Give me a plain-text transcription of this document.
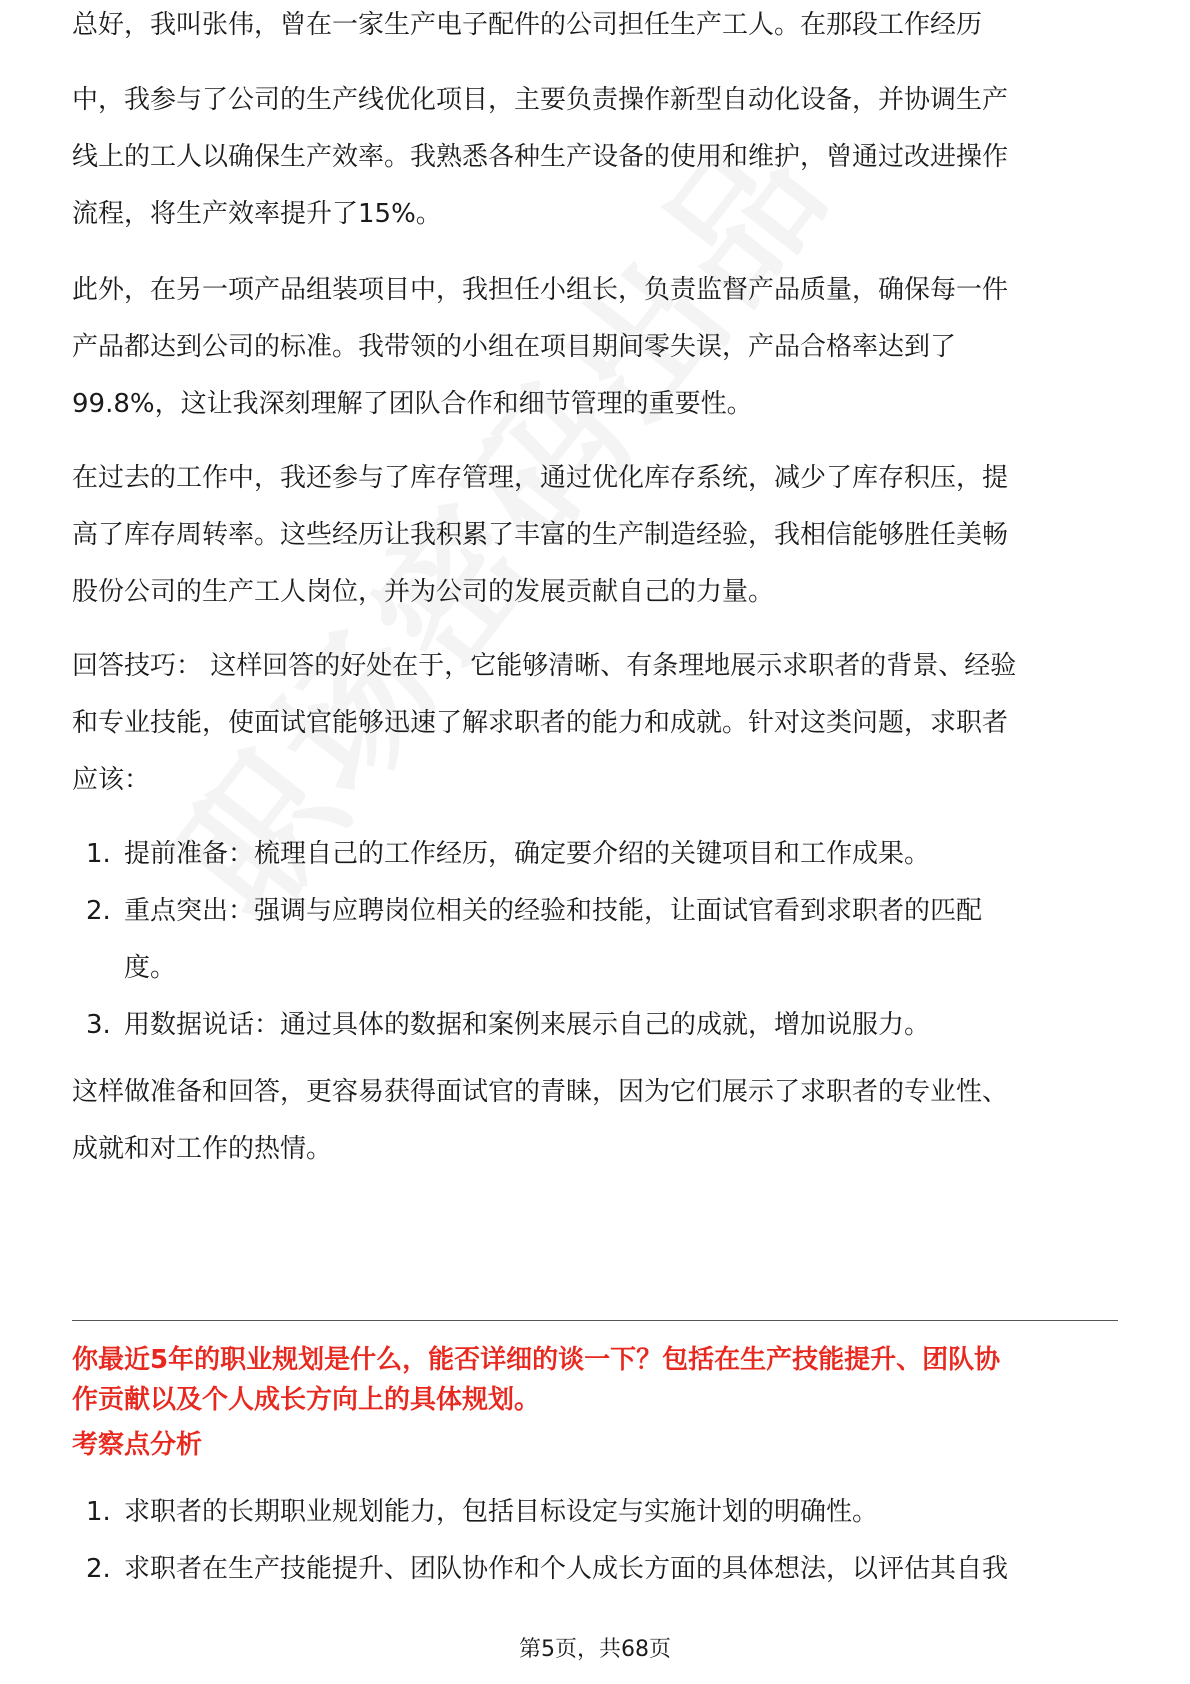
总好，我叫张伟，曾在一家生产电子配件的公司担任生产工人。在那段工作经历

中，我参与了公司的生产线优化项目，主要负责操作新型自动化设备，并协调生产

线上的工人以确保生产效率。我熟悉各种生产设备的使用和维护，曾通过改进操作

流程，将生产效率提升了15%。

此外，在另一项产品组装项目中，我担任小组长，负责监督产品质量，确保每一件

产品都达到公司的标准。我带领的小组在项目期间零失误，产品合格率达到了

99.8%，这让我深刻理解了团队合作和细节管理的重要性。

在过去的工作中，我还参与了库存管理，通过优化库存系统，减少了库存积压，提

高了库存周转率。这些经历让我积累了丰富的生产制造经验，我相信能够胜任美畅

股份公司的生产工人岗位，并为公司的发展贡献自己的力量。

回答技巧： 这样回答的好处在于，它能够清晰、有条理地展示求职者的背景、经验

和专业技能，使面试官能够迅速了解求职者的能力和成就。针对这类问题，求职者

应该：

1. 提前准备：梳理自己的工作经历，确定要介绍的关键项目和工作成果。
2. 重点突出：强调与应聘岗位相关的经验和技能，让面试官看到求职者的匹配
度。
3. 用数据说话：通过具体的数据和案例来展示自己的成就，增加说服力。

这样做准备和回答，更容易获得面试官的青睐，因为它们展示了求职者的专业性、

成就和对工作的热情。

你最近5年的职业规划是什么，能否详细的谈一下？包括在生产技能提升、团队协

作贡献以及个人成长方向上的具体规划。

考察点分析

1. 求职者的长期职业规划能力，包括目标设定与实施计划的明确性。
2. 求职者在生产技能提升、团队协作和个人成长方面的具体想法，以评估其自我
第5页，共68页
